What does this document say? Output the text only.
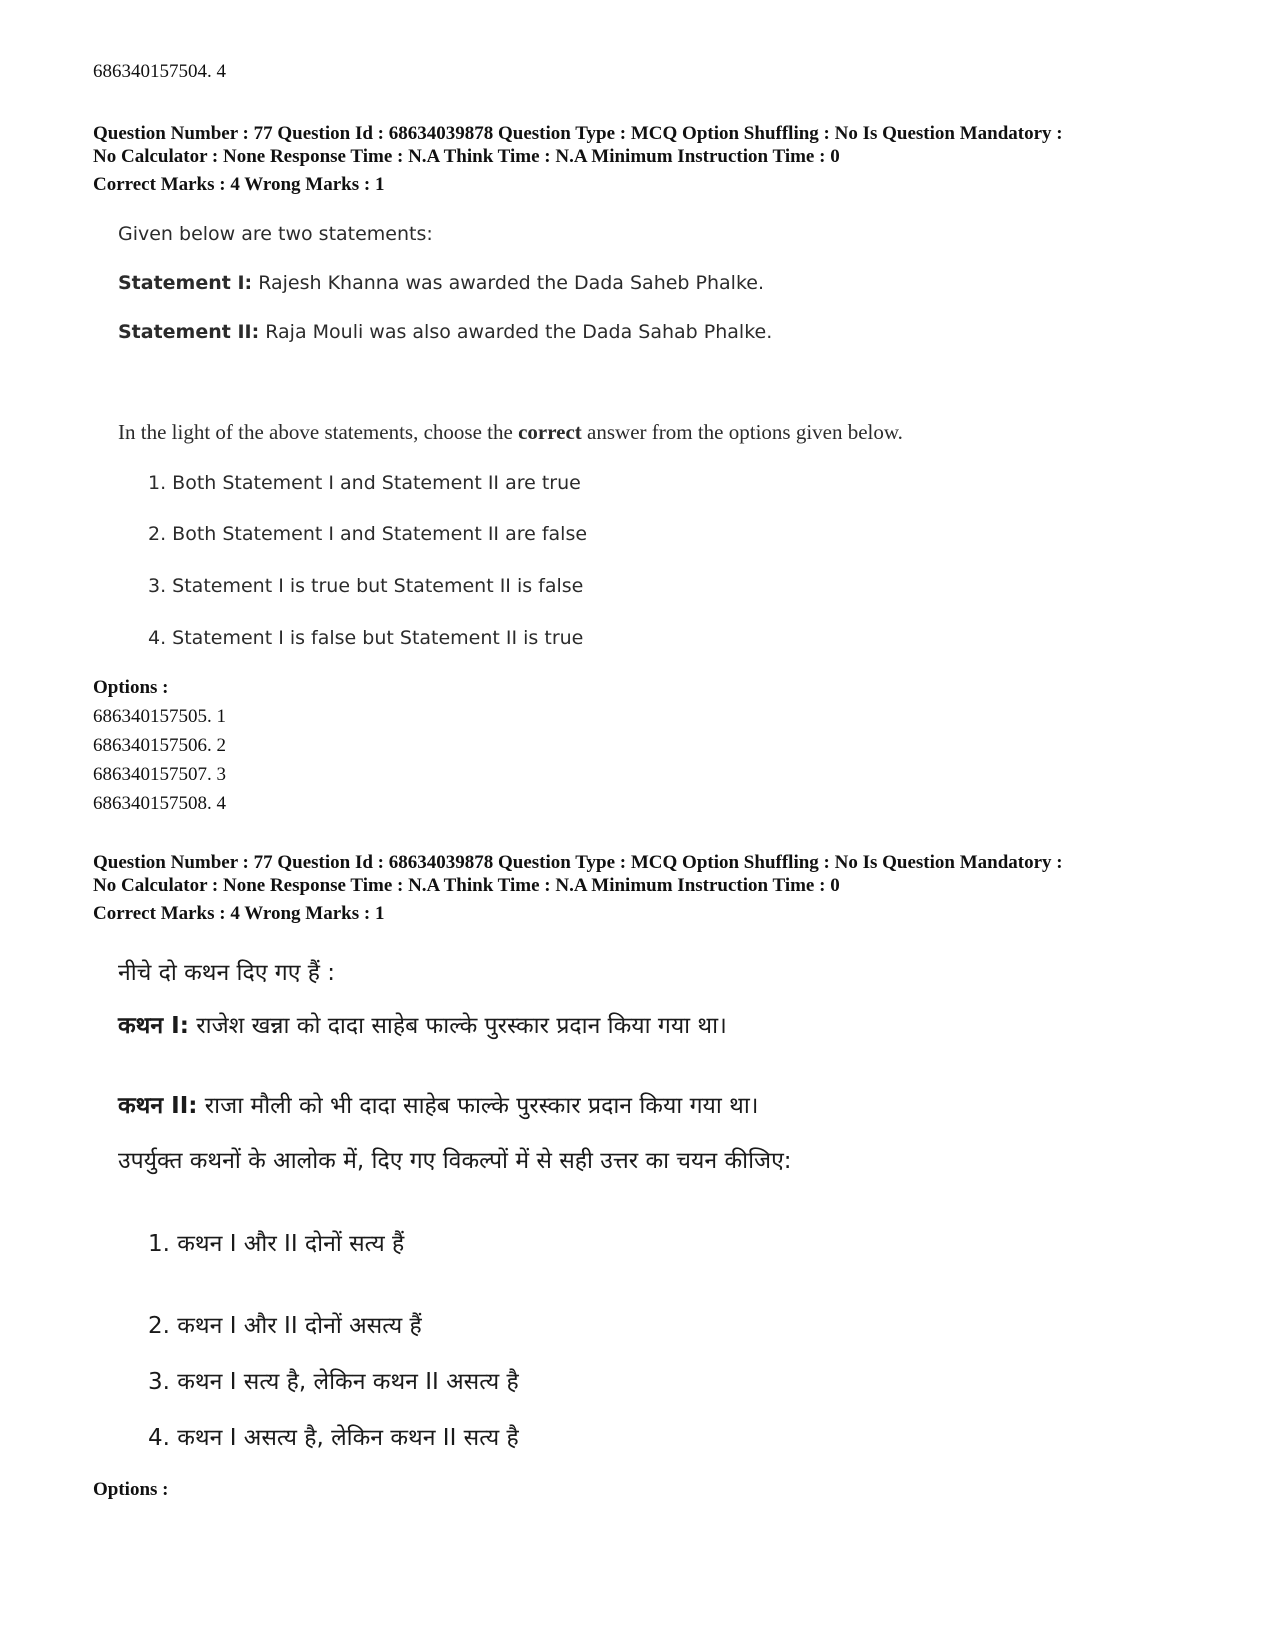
686340157504. 4
Question Number : 77 Question Id : 68634039878 Question Type : MCQ Option Shuffling : No Is Question Mandatory :
No Calculator : None Response Time : N.A Think Time : N.A Minimum Instruction Time : 0
Correct Marks : 4 Wrong Marks : 1
Given below are two statements:
Statement I: Rajesh Khanna was awarded the Dada Saheb Phalke.
Statement II: Raja Mouli was also awarded the Dada Sahab Phalke.
In the light of the above statements, choose the correct answer from the options given below.
1. Both Statement I and Statement II are true
2. Both Statement I and Statement II are false
3. Statement I is true but Statement II is false
4. Statement I is false but Statement II is true
Options :
686340157505. 1
686340157506. 2
686340157507. 3
686340157508. 4
Question Number : 77 Question Id : 68634039878 Question Type : MCQ Option Shuffling : No Is Question Mandatory :
No Calculator : None Response Time : N.A Think Time : N.A Minimum Instruction Time : 0
Correct Marks : 4 Wrong Marks : 1
नीचे दो कथन दिए गए हैं :
कथन I: राजेश खन्ना को दादा साहेब फाल्के पुरस्कार प्रदान किया गया था।
कथन II: राजा मौली को भी दादा साहेब फाल्के पुरस्कार प्रदान किया गया था।
उपर्युक्त कथनों के आलोक में, दिए गए विकल्पों में से सही उत्तर का चयन कीजिए:
1. कथन I और II दोनों सत्य हैं
2. कथन I और II दोनों असत्य हैं
3. कथन I सत्य है, लेकिन कथन II असत्य है
4. कथन I असत्य है, लेकिन कथन II सत्य है
Options :
